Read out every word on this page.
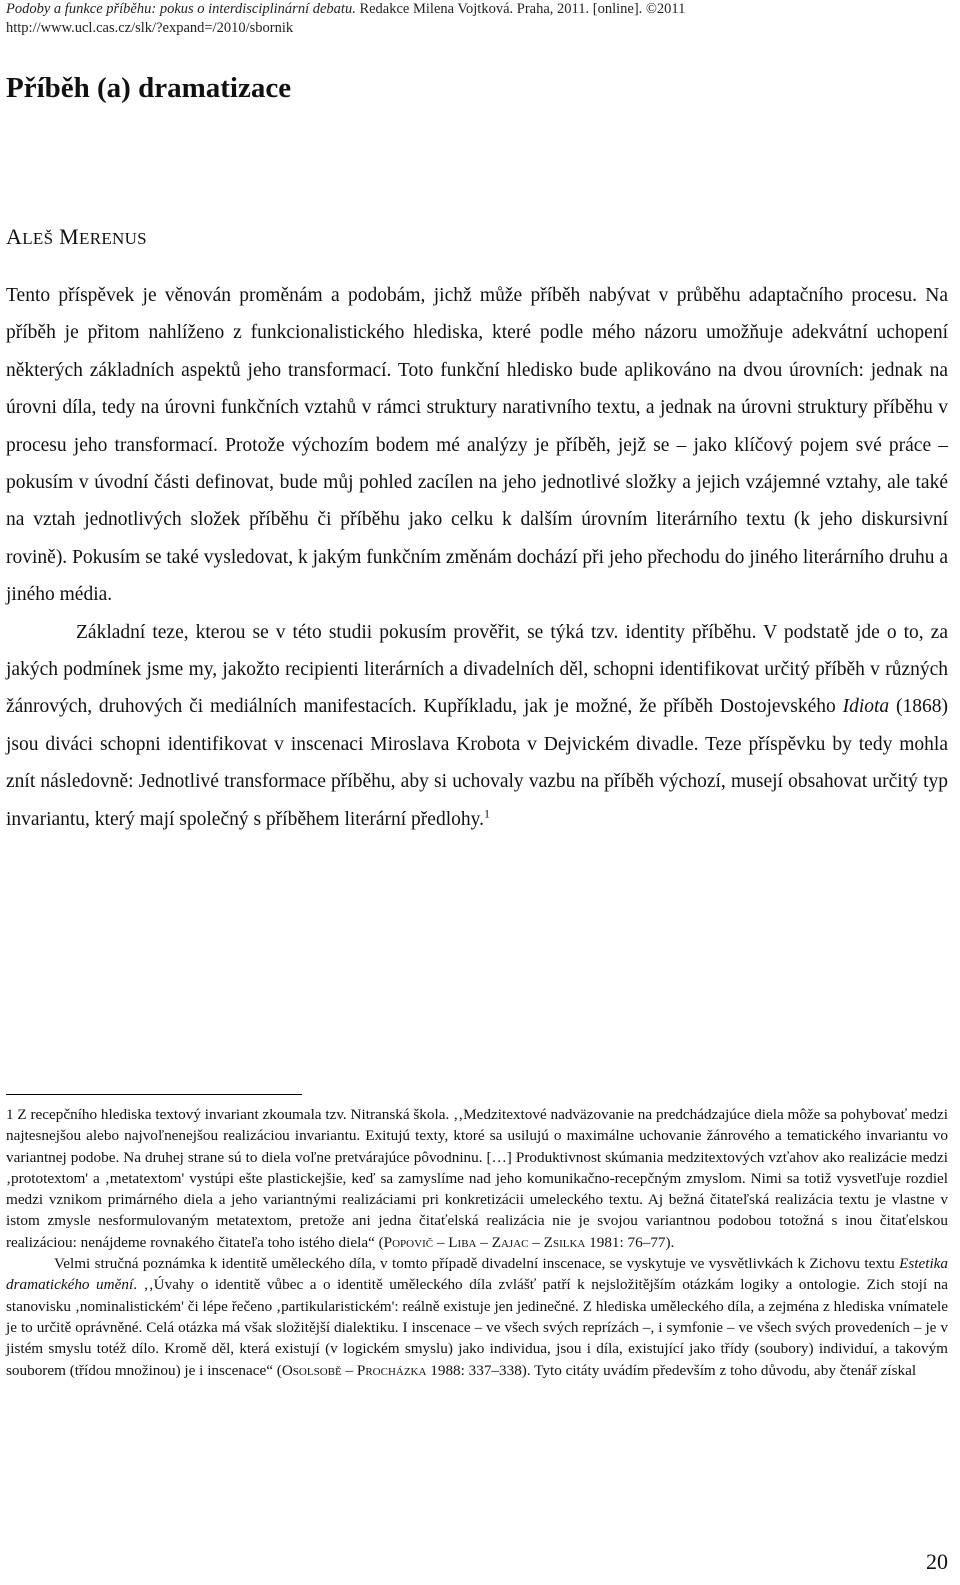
Podoby a funkce příběhu: pokus o interdisciplinární debatu. Redakce Milena Vojtková. Praha, 2011. [online]. ©2011
http://www.ucl.cas.cz/slk/?expand=/2010/sbornik
Příběh (a) dramatizace
ALEŠ MERENUS

Tento příspěvek je věnován proměnám a podobám, jichž může příběh nabývat v průběhu adaptačního procesu. Na příběh je přitom nahlíženo z funkcionalistického hlediska, které podle mého názoru umožňuje adekvátní uchopení některých základních aspektů jeho transformací. Toto funkční hledisko bude aplikováno na dvou úrovních: jednak na úrovni díla, tedy na úrovni funkčních vztahů v rámci struktury narativního textu, a jednak na úrovni struktury příběhu v procesu jeho transformací. Protože výchozím bodem mé analýzy je příběh, jejž se – jako klíčový pojem své práce – pokusím v úvodní části definovat, bude můj pohled zacílen na jeho jednotlivé složky a jejich vzájemné vztahy, ale také na vztah jednotlivých složek příběhu či příběhu jako celku k dalším úrovním literárního textu (k jeho diskursivní rovině). Pokusím se také vysledovat, k jakým funkčním změnám dochází při jeho přechodu do jiného literárního druhu a jiného média.

Základní teze, kterou se v této studii pokusím prověřit, se týká tzv. identity příběhu. V podstatě jde o to, za jakých podmínek jsme my, jakožto recipienti literárních a divadelních děl, schopni identifikovat určitý příběh v různých žánrových, druhových či mediálních manifestacích. Kupříkladu, jak je možné, že příběh Dostojevského Idiota (1868) jsou diváci schopni identifikovat v inscenaci Miroslava Krobota v Dejvickém divadle. Teze příspěvku by tedy mohla znít následovně: Jednotlivé transformace příběhu, aby si uchovaly vazbu na příběh výchozí, musejí obsahovat určitý typ invariantu, který mají společný s příběhem literární předlohy.$^1$

1 Z recepčního hlediska textový invariant zkoumala tzv. Nitranská škola. ‚‚Medzitextové nadväzovanie na predchádzajúce diela môže sa pohybovať medzi najtesnejšou alebo najvoľnenejšou realizáciou invariantu. Exitujú texty, ktoré sa usilujú o maximálne uchovanie žánrového a tematického invariantu vo variantnej podobe. Na druhej strane sú to diela voľne pretvárajúce pôvodninu. […] Produktivnost skúmania medzitextových vzťahov ako realizácie medzi ‚prototextom' a ‚metatextom' vystúpi ešte plastickejšie, keď sa zamyslíme nad jeho komunikačno-recepčným zmyslom. Nimi sa totiž vysvetľuje rozdiel medzi vznikom primárného diela a jeho variantnými realizáciami pri konkretizácii umeleckého textu. Aj bežná čitateľská realizácia textu je vlastne v istom zmysle nesformulovaným metatextom, pretože ani jedna čitaťelská realizácia nie je svojou variantnou podobou totožná s inou čitaťelskou realizáciou: nenájdeme rovnakého čitateľa toho istého diela“ (Popovič – Liba – Zajac – Zsilka 1981: 76–77).

Velmi stručná poznámka k identitě uměleckého díla, v tomto případě divadelní inscenace, se vyskytuje ve vysvětlivkách k Zichovu textu Estetika dramatického umění. ‚‚Úvahy o identitě vůbec a o identitě uměleckého díla zvlášť patří k nejsložitějším otázkám logiky a ontologie. Zich stojí na stanovisku ‚nominalistickém' či lépe řečeno ‚partikularistickém': reálně existuje jen jedinečné. Z hlediska uměleckého díla, a zejména z hlediska vnímatele je to určitě oprávněné. Celá otázka má však složitější dialektiku. I inscenace – ve všech svých repríz‍ách –, i symfonie – ve všech svých provedeních – je v jistém smyslu totéž dílo. Kromě děl, která existují (v logickém smyslu) jako individua, jsou i díla, existující jako třídy (soubory) individuí, a takovým souborem (třídou množinou) je i inscenace“ (Osolsobě – Procházka 1988: 337–338). Tyto citáty uvádím především z toho důvodu, aby čtenář získal

20
